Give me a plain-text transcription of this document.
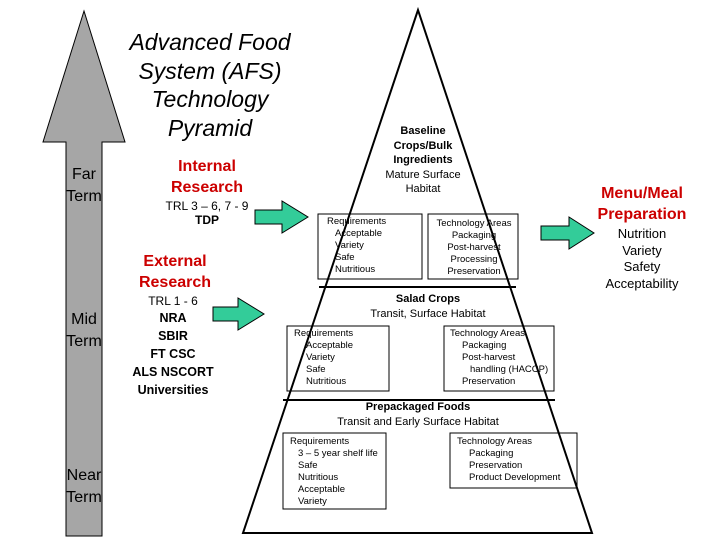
Advanced Food
System (AFS)
Technology
Pyramid
Far
Term
Mid
Term
Near
Term
Internal
Research
TRL 3 – 6, 7 - 9
TDP
External
Research
TRL 1 - 6
NRA
SBIR
FT CSC
ALS NSCORT
Universities
Baseline
Crops/Bulk
Ingredients
Mature Surface
Habitat
Requirements
Acceptable
Variety
Safe
Nutritious
Technology Areas
Packaging
Post-harvest
Processing
Preservation
Salad Crops
Transit, Surface Habitat
Requirements
Acceptable
Variety
Safe
Nutritious
Technology Areas
Packaging
Post-harvest
handling (HACCP)
Preservation
Prepackaged Foods
Transit and Early Surface Habitat
Requirements
3 – 5 year shelf life
Safe
Nutritious
Acceptable
Variety
Technology Areas
Packaging
Preservation
Product Development
Menu/Meal
Preparation
Nutrition
Variety
Safety
Acceptability
